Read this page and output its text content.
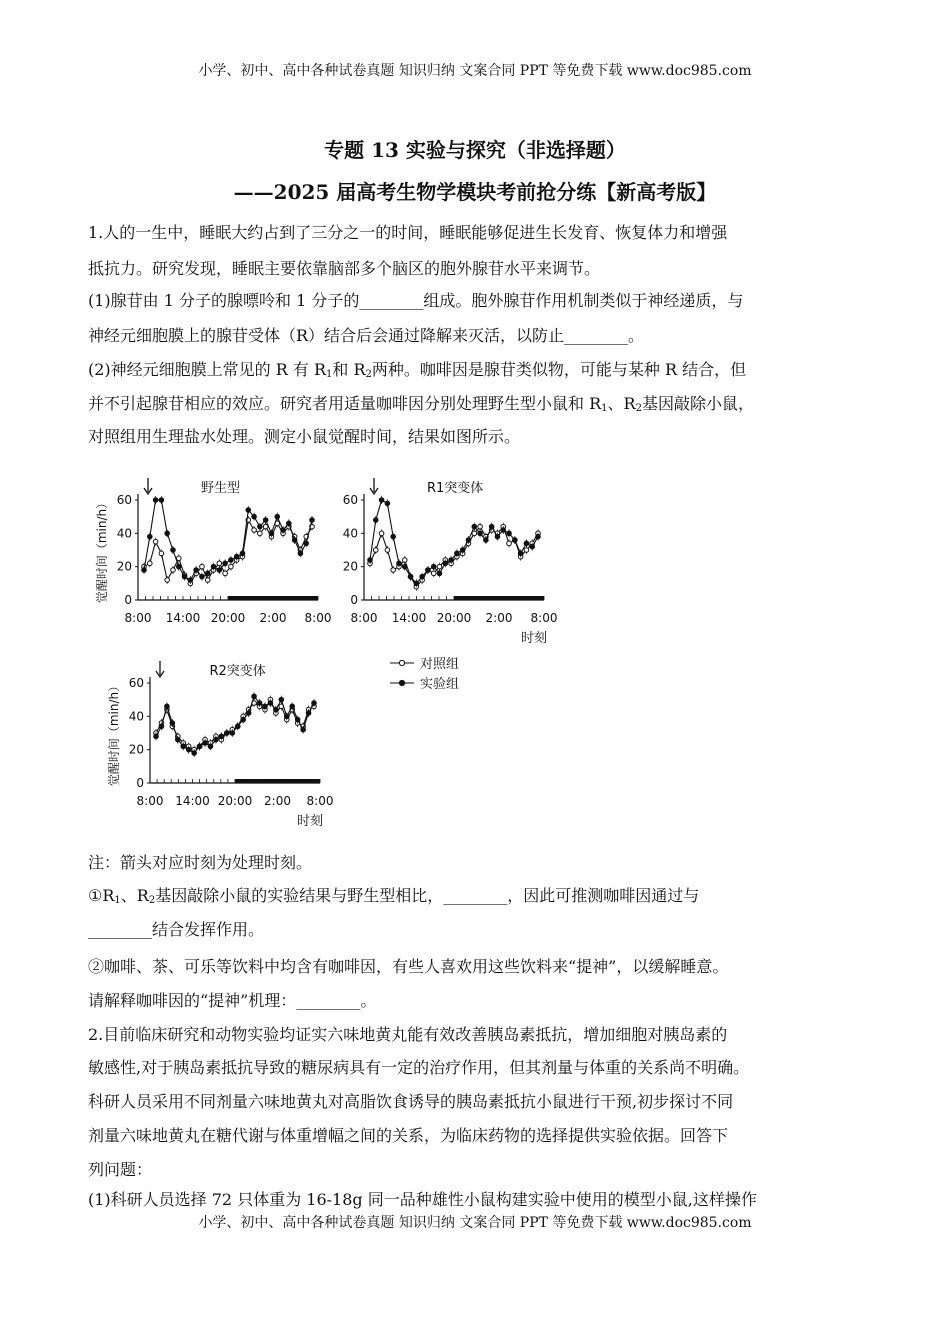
小学、初中、高中各种试卷真题 知识归纳 文案合同 PPT 等免费下载 www.doc985.com
专题 13 实验与探究（非选择题）
——2025 届高考生物学模块考前抢分练【新高考版】
1.人的一生中，睡眠大约占到了三分之一的时间，睡眠能够促进生长发育、恢复体力和增强
抵抗力。研究发现，睡眠主要依靠脑部多个脑区的胞外腺苷水平来调节。
(1)腺苷由 1 分子的腺嘌呤和 1 分子的________组成。胞外腺苷作用机制类似于神经递质，与
神经元细胞膜上的腺苷受体（R）结合后会通过降解来灭活，以防止________。
(2)神经元细胞膜上常见的 R 有 $R_1$和 $R_2$两种。咖啡因是腺苷类似物，可能与某种 R 结合，但
并不引起腺苷相应的效应。研究者用适量咖啡因分别处理野生型小鼠和 $R_1$、$R_2$基因敲除小鼠，
对照组用生理盐水处理。测定小鼠觉醒时间，结果如图所示。
0
20
40
60
8:00 14:00 20:00 2:00 8:00
野生型
觉醒时间（min/h）	0
20
40
60
8:00 14:00 20:00 2:00 8:00
R1突变体
时刻
0
20
40
60
8:00 14:00 20:00 2:00 8:00
R2突变体
觉醒时间（min/h）
时刻
对照组
实验组
注：箭头对应时刻为处理时刻。
$①R_1$、$R_2$基因敲除小鼠的实验结果与野生型相比，________，因此可推测咖啡因通过与
________结合发挥作用。
②咖啡、茶、可乐等饮料中均含有咖啡因，有些人喜欢用这些饮料来“提神”，以缓解睡意。
请解释咖啡因的“提神”机理：________。
2.目前临床研究和动物实验均证实六味地黄丸能有效改善胰岛素抵抗，增加细胞对胰岛素的
敏感性,对于胰岛素抵抗导致的糖尿病具有一定的治疗作用，但其剂量与体重的关系尚不明确。
科研人员采用不同剂量六味地黄丸对高脂饮食诱导的胰岛素抵抗小鼠进行干预,初步探讨不同
剂量六味地黄丸在糖代谢与体重增幅之间的关系，为临床药物的选择提供实验依据。回答下
列问题：
(1)科研人员选择 72 只体重为 16-18g 同一品种雄性小鼠构建实验中使用的模型小鼠,这样操作
小学、初中、高中各种试卷真题 知识归纳 文案合同 PPT 等免费下载 www.doc985.com
